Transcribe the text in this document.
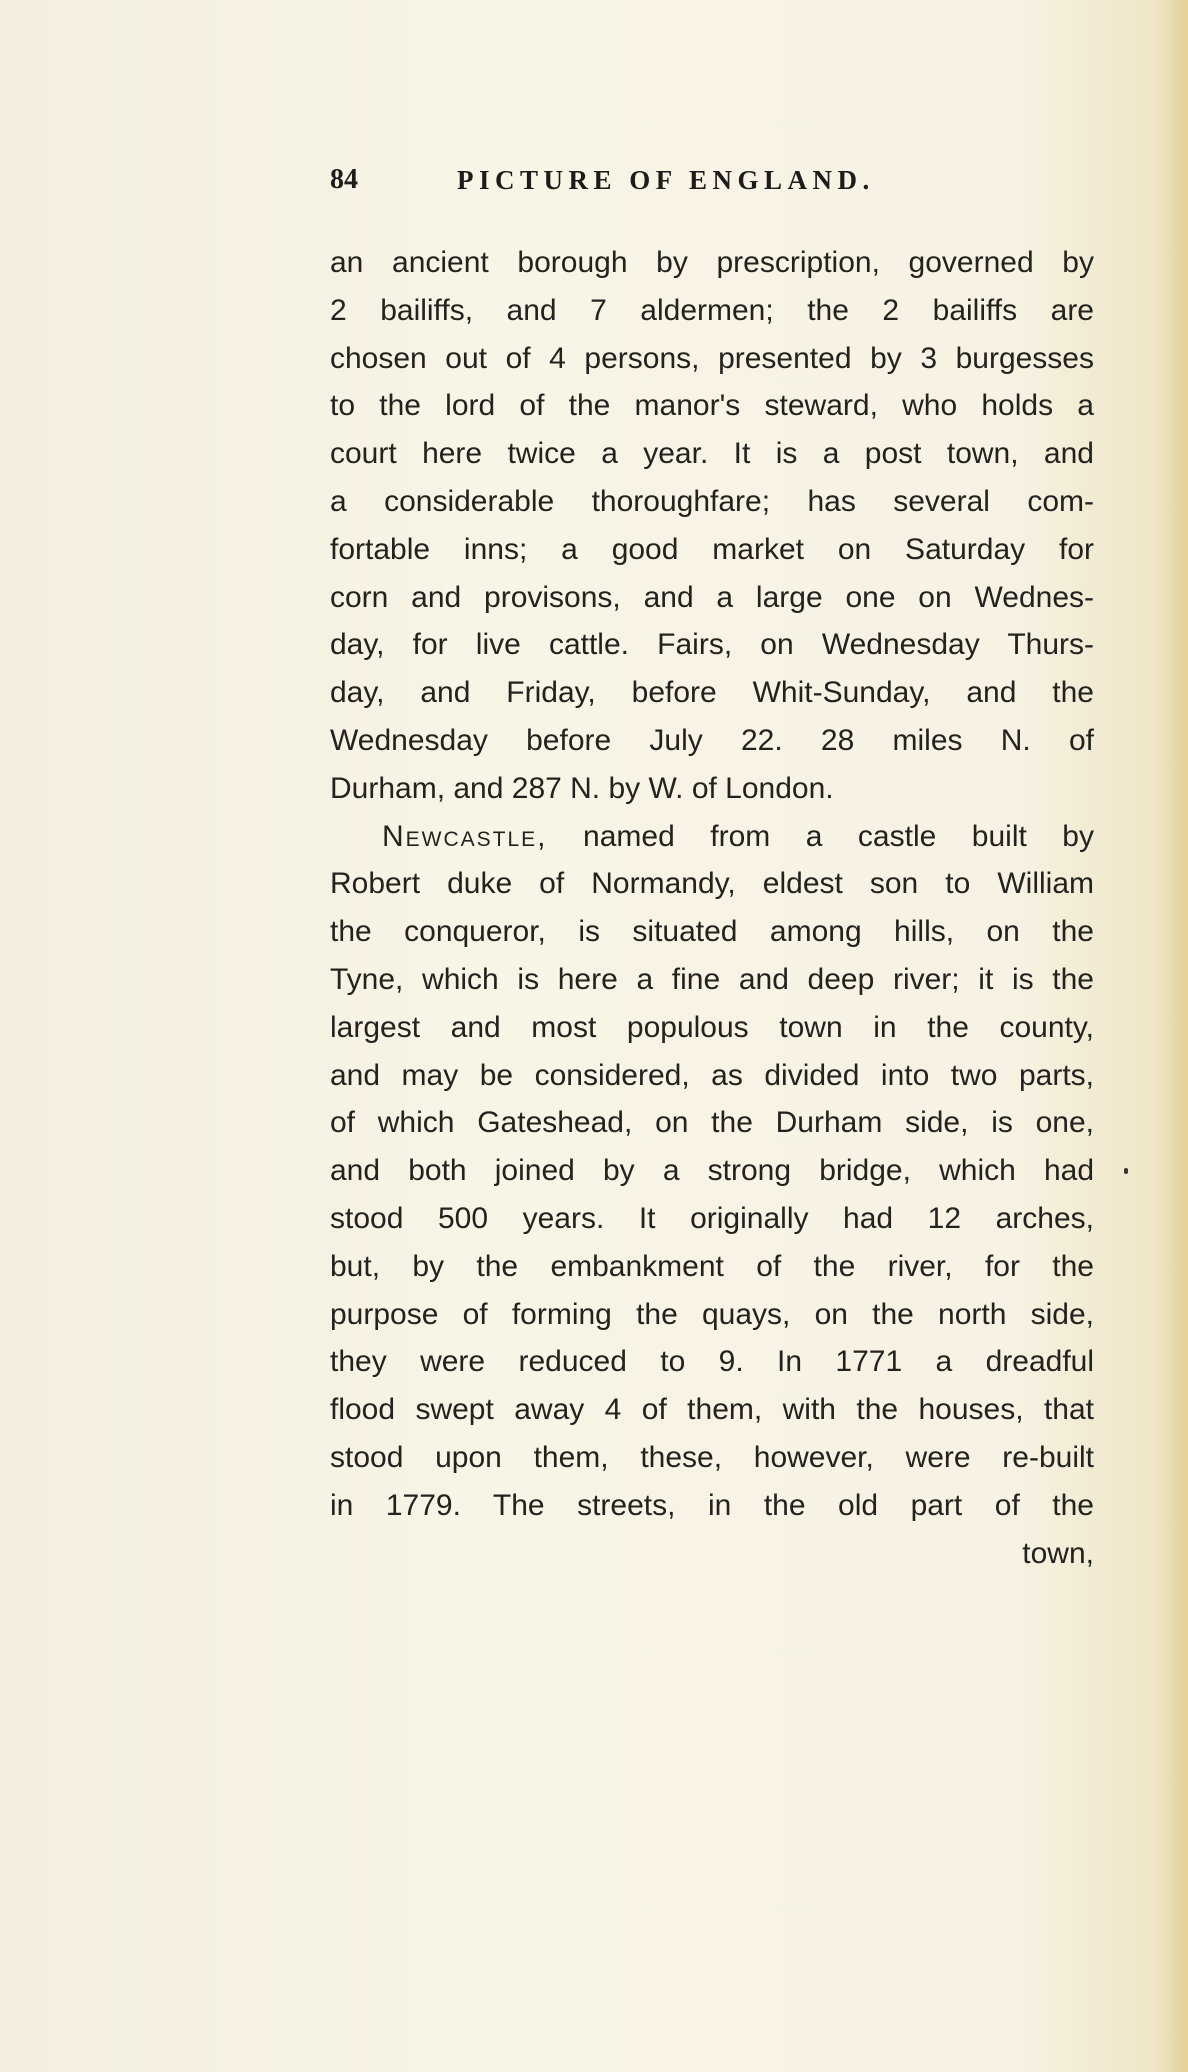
84	PICTURE OF ENGLAND.
an ancient borough by prescription, governed by
2 bailiffs, and 7 aldermen; the 2 bailiffs are
chosen out of 4 persons, presented by 3 burgesses
to the lord of the manor's steward, who holds a
court here twice a year. It is a post town, and
a considerable thoroughfare; has several com-
fortable inns; a good market on Saturday for
corn and provisons, and a large one on Wednes-
day, for live cattle. Fairs, on Wednesday Thurs-
day, and Friday, before Whit-Sunday, and the
Wednesday before July 22. 28 miles N. of
Durham, and 287 N. by W. of London.
Newcastle, named from a castle built by
Robert duke of Normandy, eldest son to William
the conqueror, is situated among hills, on the
Tyne, which is here a fine and deep river; it is the
largest and most populous town in the county,
and may be considered, as divided into two parts,
of which Gateshead, on the Durham side, is one,
and both joined by a strong bridge, which had
stood 500 years. It originally had 12 arches,
but, by the embankment of the river, for the
purpose of forming the quays, on the north side,
they were reduced to 9. In 1771 a dreadful
flood swept away 4 of them, with the houses, that
stood upon them, these, however, were re-built
in 1779. The streets, in the old part of the
town,
